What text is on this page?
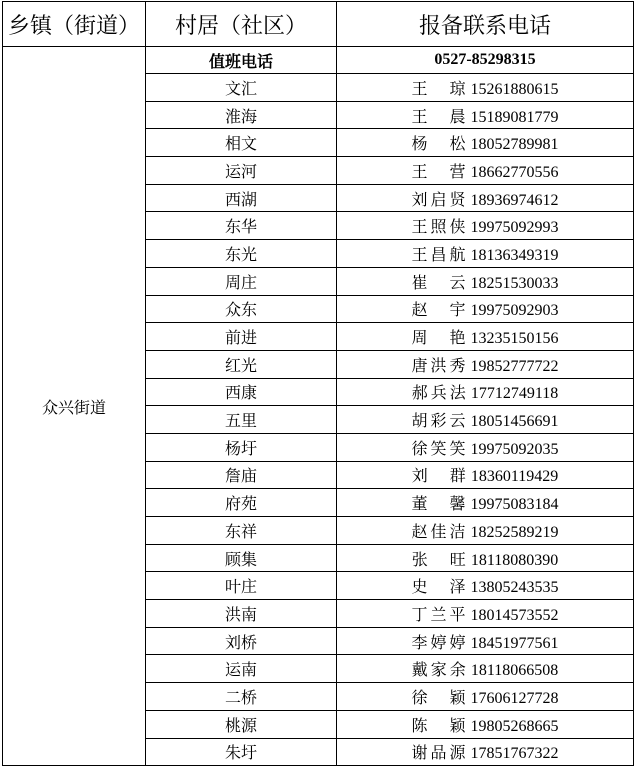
乡镇（街道）	村居（社区）	报备联系电话
众兴街道	值班电话	0527-85298315
	文汇	王 琼 15261880615
	淮海	王 晨 15189081779
	相文	杨 松 18052789981
	运河	王 营 18662770556
	西湖	刘启贤 18936974612
	东华	王照侠 19975092993
	东光	王昌航 18136349319
	周庄	崔 云 18251530033
	众东	赵 宇 19975092903
	前进	周 艳 13235150156
	红光	唐洪秀 19852777722
	西康	郝兵法 17712749118
	五里	胡彩云 18051456691
	杨圩	徐笑笑 19975092035
	詹庙	刘 群 18360119429
	府苑	董 馨 19975083184
	东祥	赵佳洁 18252589219
	顾集	张 旺 18118080390
	叶庄	史 泽 13805243535
	洪南	丁兰平 18014573552
	刘桥	李婷婷 18451977561
	运南	戴家余 18118066508
	二桥	徐 颖 17606127728
	桃源	陈 颖 19805268665
	朱圩	谢品源 17851767322
